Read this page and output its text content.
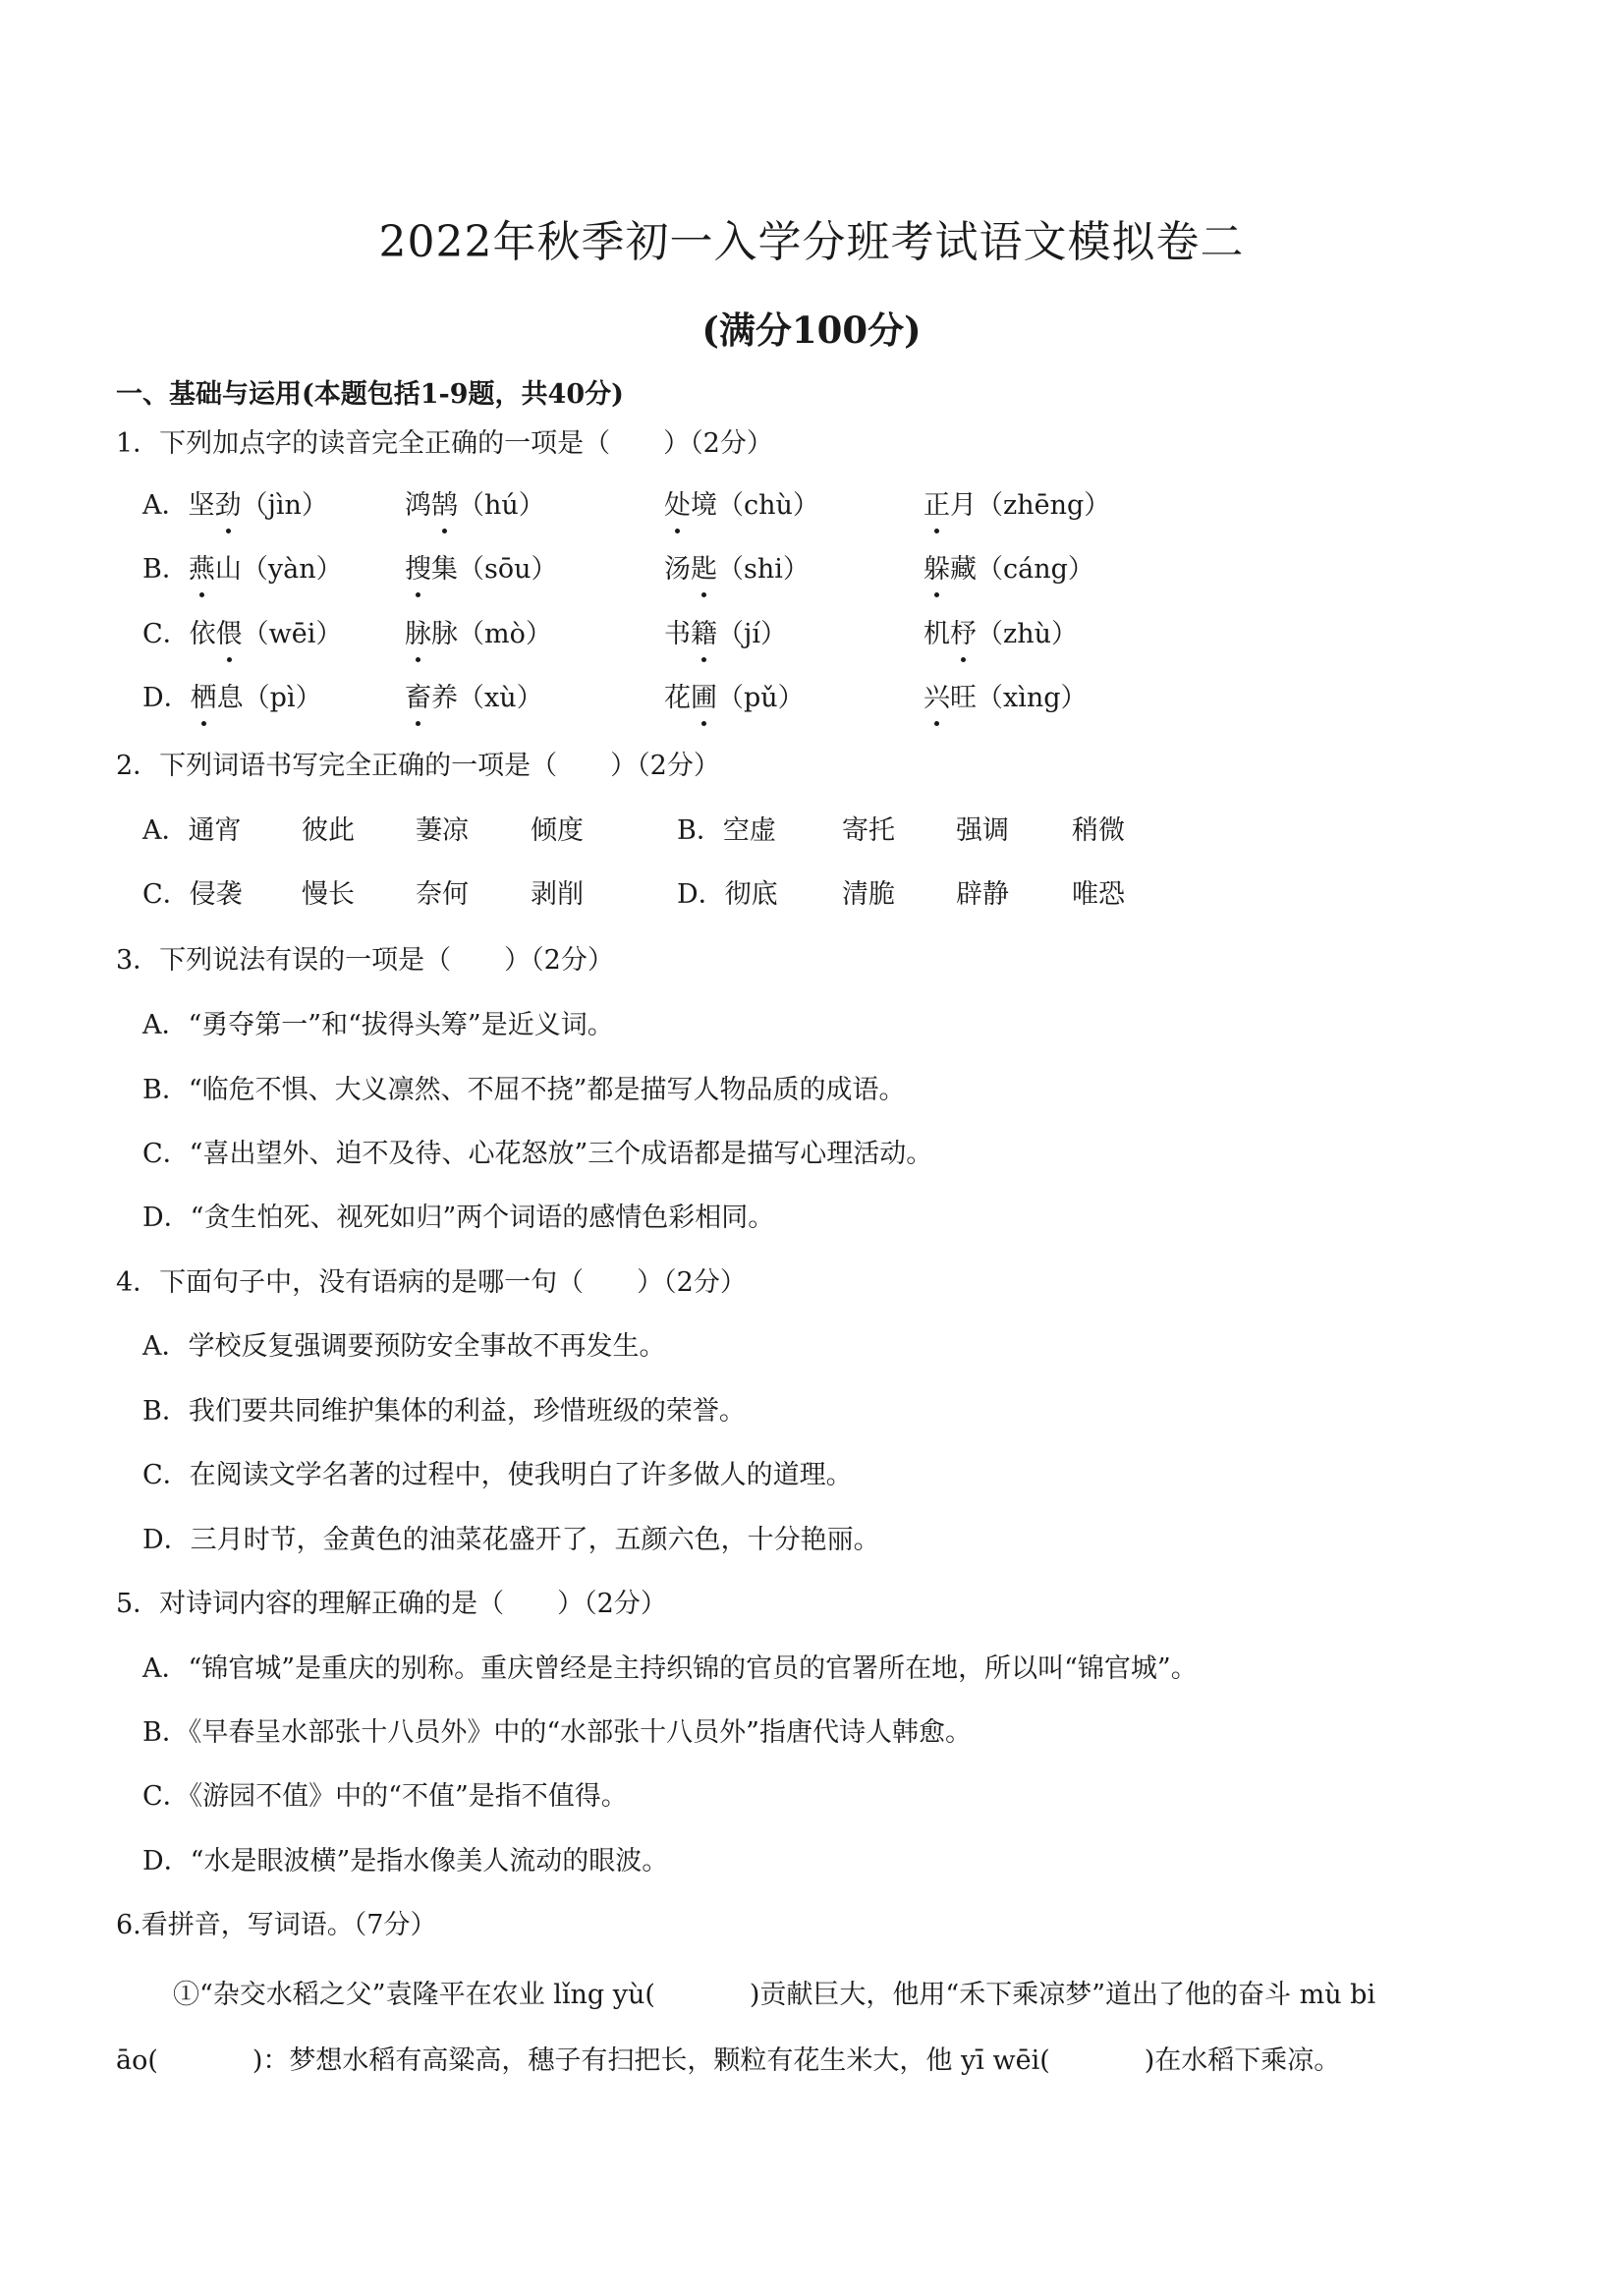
2022年秋季初一入学分班考试语文模拟卷二
(满分100分)
一、基础与运用(本题包括1-9题，共40分)
1．下列加点字的读音完全正确的一项是（　　）（2分）
A．坚劲（jìn）	鸿鹄（hú）	处境（chù）	正月（zhēng）
B．燕山（yàn） 搜集（sōu）	汤匙（shi）	躲藏（cáng）
C．依偎（wēi） 脉脉（mò）	书籍（jí）	机杼（zhù）
D．栖息（pì）	畜养（xù）	花圃（pǔ）	兴旺（xìng）
2．下列词语书写完全正确的一项是（　　）（2分）
A．通宵 彼此 萋凉 倾度	B．空虚 寄托 强调 稍微
C．侵袭 慢长 奈何 剥削	D．彻底 清脆 辟静 唯恐
3．下列说法有误的一项是（　　）（2分）
A．“勇夺第一”和“拔得头筹”是近义词。
B．“临危不惧、大义凛然、不屈不挠”都是描写人物品质的成语。
C．“喜出望外、迫不及待、心花怒放”三个成语都是描写心理活动。
D．“贪生怕死、视死如归”两个词语的感情色彩相同。
4．下面句子中，没有语病的是哪一句（　　）（2分）
A．学校反复强调要预防安全事故不再发生。
B．我们要共同维护集体的利益，珍惜班级的荣誉。
C．在阅读文学名著的过程中，使我明白了许多做人的道理。
D．三月时节，金黄色的油菜花盛开了，五颜六色，十分艳丽。
5．对诗词内容的理解正确的是（　　）（2分）
A．“锦官城”是重庆的别称。重庆曾经是主持织锦的官员的官署所在地，所以叫“锦官城”。
B．《早春呈水部张十八员外》中的“水部张十八员外”指唐代诗人韩愈。
C．《游园不值》中的“不值”是指不值得。
D．“水是眼波横”是指水像美人流动的眼波。
6.看拼音，写词语。（7分）
①“杂交水稻之父”袁隆平在农业 lǐng yù(	)贡献巨大，他用“禾下乘凉梦”道出了他的奋斗 mù bi
āo(	)：梦想水稻有高粱高，穗子有扫把长，颗粒有花生米大，他 yī wēi(	)在水稻下乘凉。
